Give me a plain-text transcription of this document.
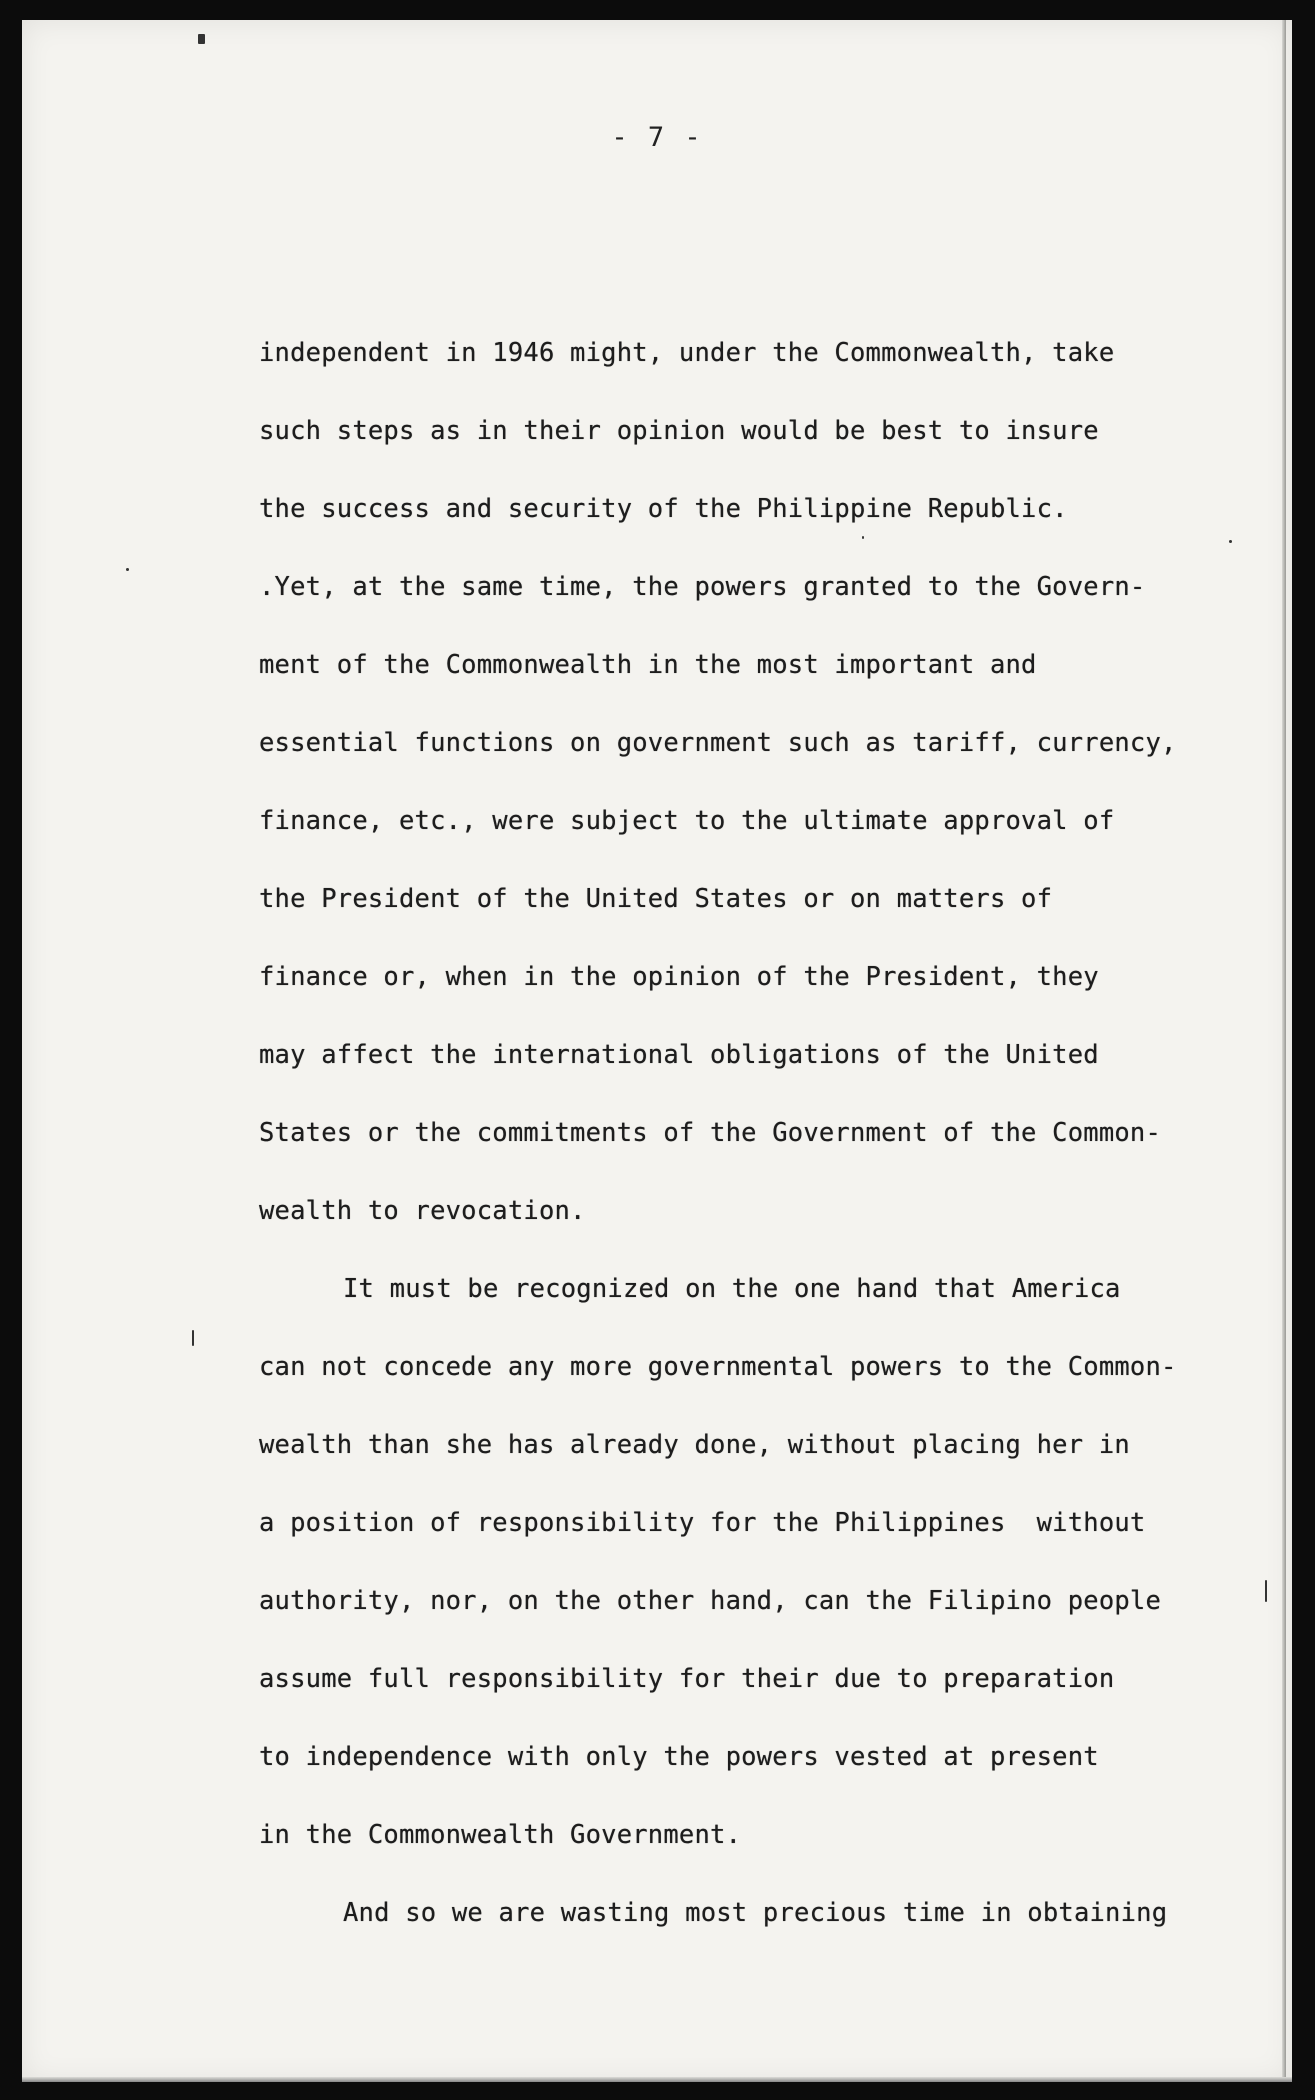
- 7 -
independent in 1946 might, under the Commonwealth, take
such steps as in their opinion would be best to insure
the success and security of the Philippine Republic.
.Yet, at the same time, the powers granted to the Govern-
ment of the Commonwealth in the most important and
essential functions on government such as tariff, currency,
finance, etc., were subject to the ultimate approval of
the President of the United States or on matters of
finance or, when in the opinion of the President, they
may affect the international obligations of the United
States or the commitments of the Government of the Common-
wealth to revocation.
It must be recognized on the one hand that America
can not concede any more governmental powers to the Common-
wealth than she has already done, without placing her in
a position of responsibility for the Philippines  without
authority, nor, on the other hand, can the Filipino people
assume full responsibility for their due to preparation
to independence with only the powers vested at present
in the Commonwealth Government.
And so we are wasting most precious time in obtaining
